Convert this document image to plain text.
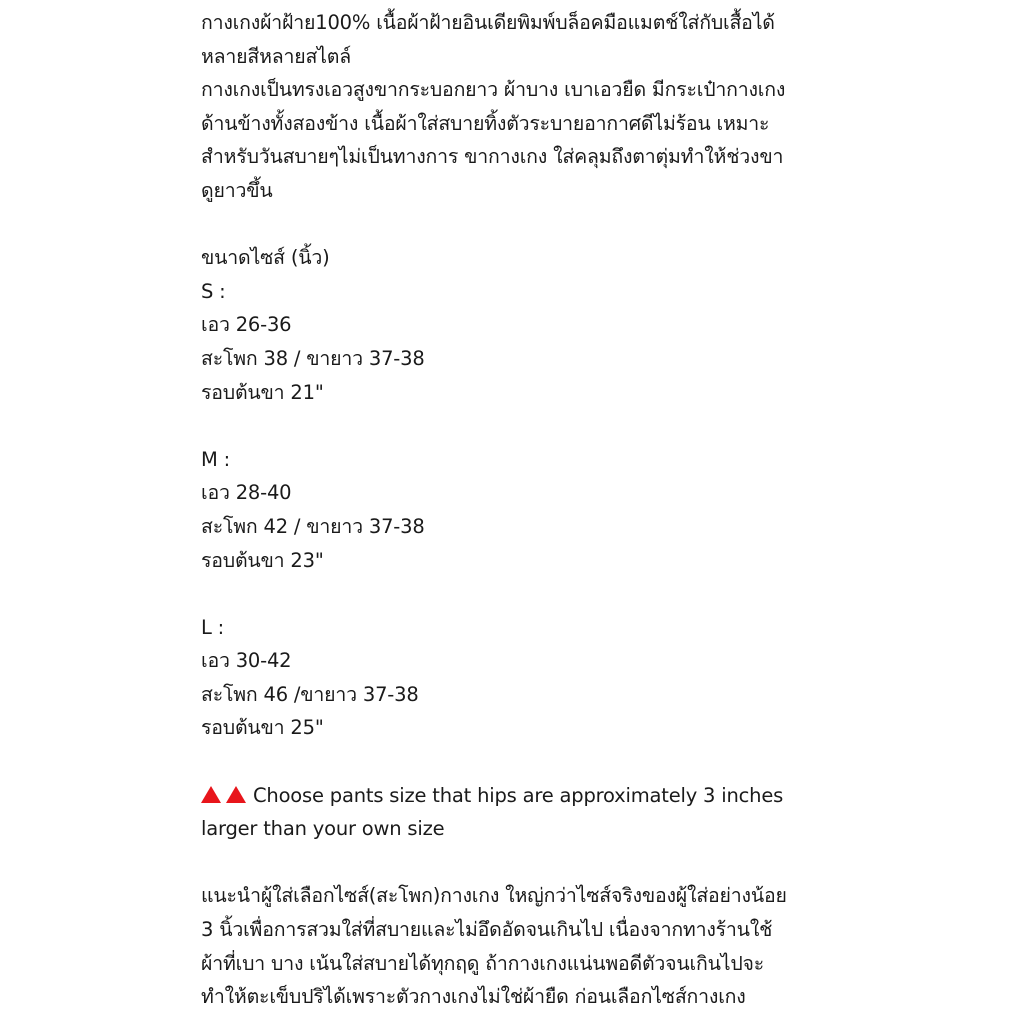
กางเกงผ้าฝ้าย100% เนื้อผ้าฝ้ายอินเดียพิมพ์บล็อคมือแมตช์ใส่กับเสื้อได้
หลายสีหลายสไตล์
กางเกงเป็นทรงเอวสูงขากระบอกยาว ผ้าบาง เบาเอวยืด มีกระเป๋ากางเกง
ด้านข้างทั้งสองข้าง เนื้อผ้าใส่สบายทิ้งตัวระบายอากาศดีไม่ร้อน เหมาะ
สำหรับวันสบายๆไม่เป็นทางการ ขากางเกง ใส่คลุมถึงตาตุ่มทำให้ช่วงขา
ดูยาวขึ้น
ขนาดไซส์ (นิ้ว)
S :
เอว 26-36
สะโพก 38 / ขายาว 37-38
รอบต้นขา 21"
M :
เอว 28-40
สะโพก 42 / ขายาว 37-38
รอบต้นขา 23"
L :
เอว 30-42
สะโพก 46 /ขายาว 37-38
รอบต้นขา 25"
Choose pants size that hips are approximately 3 inches
larger than your own size
แนะนำผู้ใส่เลือกไซส์(สะโพก)กางเกง ใหญ่กว่าไซส์จริงของผู้ใส่อย่างน้อย
3 นิ้วเพื่อการสวมใส่ที่สบายและไม่อึดอัดจนเกินไป เนื่องจากทางร้านใช้
ผ้าที่เบา บาง เน้นใส่สบายได้ทุกฤดู ถ้ากางเกงแน่นพอดีตัวจนเกินไปจะ
ทำให้ตะเข็บปริได้เพราะตัวกางเกงไม่ใช่ผ้ายืด ก่อนเลือกไซส์กางเกง
